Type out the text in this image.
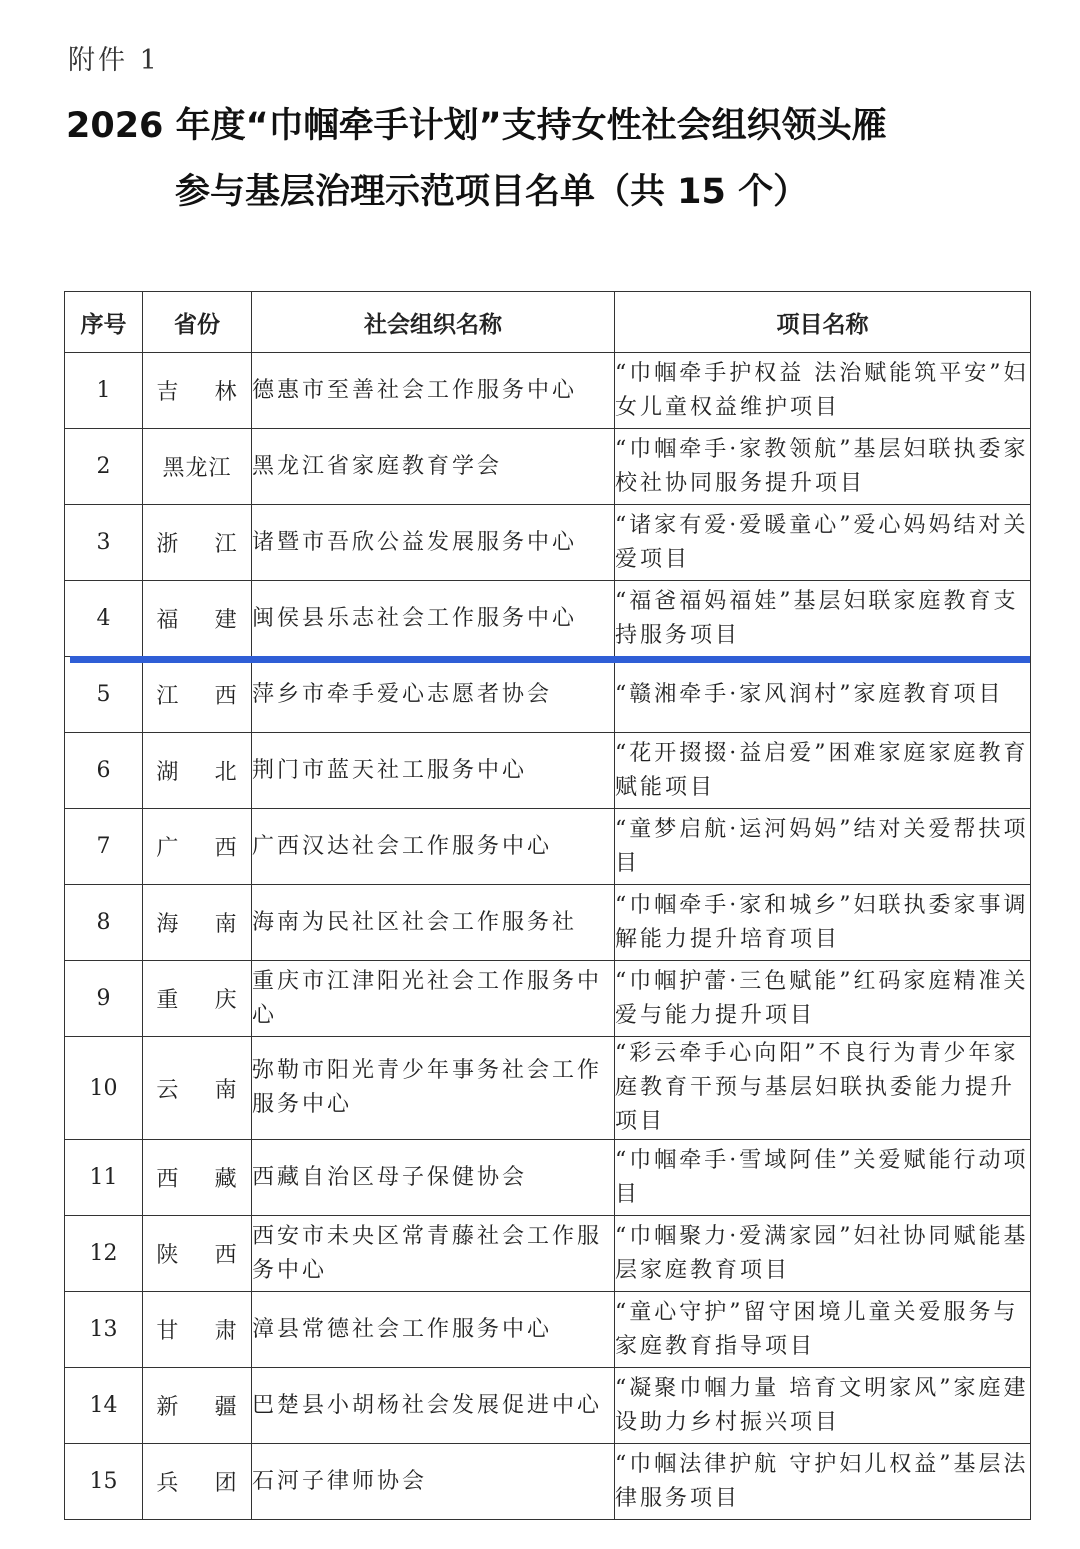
附件 1
2026 年度“巾帼牵手计划”支持女性社会组织领头雁
参与基层治理示范项目名单（共 15 个）
序号	省份	社会组织名称	项目名称
1	吉 林	德惠市至善社会工作服务中心	“巾帼牵手护权益 法治赋能筑平安”妇女儿童权益维护项目
2	黑龙江	黑龙江省家庭教育学会	“巾帼牵手·家教领航”基层妇联执委家校社协同服务提升项目
3	浙 江	诸暨市吾欣公益发展服务中心	“诸家有爱·爱暖童心”爱心妈妈结对关爱项目
4	福 建	闽侯县乐志社会工作服务中心	“福爸福妈福娃”基层妇联家庭教育支持服务项目
5	江 西	萍乡市牵手爱心志愿者协会	“赣湘牵手·家风润村”家庭教育项目
6	湖 北	荆门市蓝天社工服务中心	“花开掇掇·益启爱”困难家庭家庭教育赋能项目
7	广 西	广西汉达社会工作服务中心	“童梦启航·运河妈妈”结对关爱帮扶项目
8	海 南	海南为民社区社会工作服务社	“巾帼牵手·家和城乡”妇联执委家事调解能力提升培育项目
9	重 庆	重庆市江津阳光社会工作服务中心	“巾帼护蕾·三色赋能”红码家庭精准关爱与能力提升项目
10	云 南	弥勒市阳光青少年事务社会工作服务中心	“彩云牵手心向阳”不良行为青少年家庭教育干预与基层妇联执委能力提升项目
11	西 藏	西藏自治区母子保健协会	“巾帼牵手·雪域阿佳”关爱赋能行动项目
12	陕 西	西安市未央区常青藤社会工作服务中心	“巾帼聚力·爱满家园”妇社协同赋能基层家庭教育项目
13	甘 肃	漳县常德社会工作服务中心	“童心守护”留守困境儿童关爱服务与家庭教育指导项目
14	新 疆	巴楚县小胡杨社会发展促进中心	“凝聚巾帼力量 培育文明家风”家庭建设助力乡村振兴项目
15	兵 团	石河子律师协会	“巾帼法律护航 守护妇儿权益”基层法律服务项目
